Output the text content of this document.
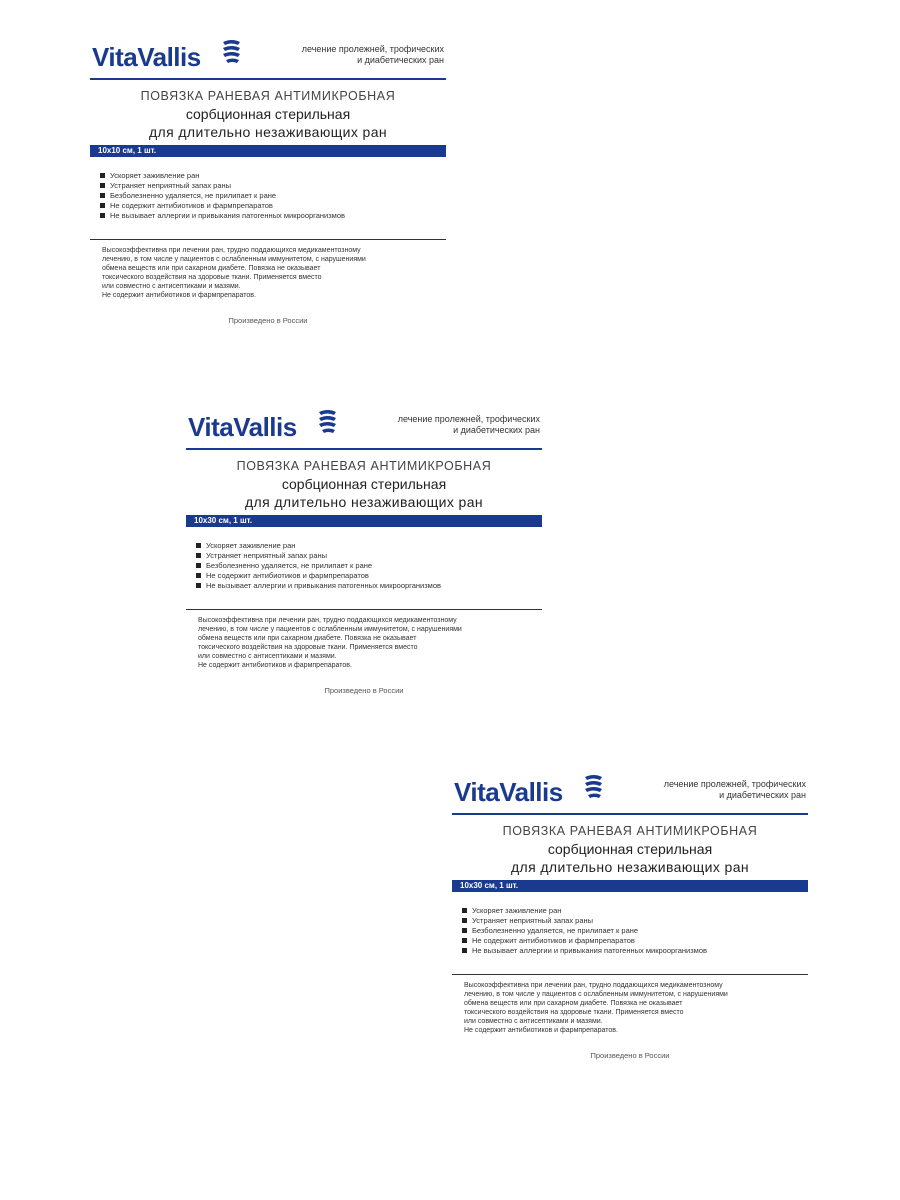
VitaVallis	лечение пролежней, трофических
и диабетических ран
ПОВЯЗКА РАНЕВАЯ АНТИМИКРОБНАЯ
сорбционная стерильная
для длительно незаживающих ран
10х10 см, 1 шт.
Ускоряет заживление ран
Устраняет неприятный запах раны
Безболезненно удаляется, не прилипает к ране
Не содержит антибиотиков и фармпрепаратов
Не вызывает аллергии и привыкания патогенных микроорганизмов

Высокоэффективна при лечении ран, трудно поддающихся медикаментозному

лечению, в том числе у пациентов с ослабленным иммунитетом, с нарушениями

обмена веществ или при сахарном диабете. Повязка не оказывает

токсического воздействия на здоровые ткани. Применяется вместо

или совместно с антисептиками и мазями.

Не содержит антибиотиков и фармпрепаратов.

Произведено в России
VitaVallis	лечение пролежней, трофических
и диабетических ран
ПОВЯЗКА РАНЕВАЯ АНТИМИКРОБНАЯ
сорбционная стерильная
для длительно незаживающих ран
10х30 см, 1 шт.
Ускоряет заживление ран
Устраняет неприятный запах раны
Безболезненно удаляется, не прилипает к ране
Не содержит антибиотиков и фармпрепаратов
Не вызывает аллергии и привыкания патогенных микроорганизмов

Высокоэффективна при лечении ран, трудно поддающихся медикаментозному

лечению, в том числе у пациентов с ослабленным иммунитетом, с нарушениями

обмена веществ или при сахарном диабете. Повязка не оказывает

токсического воздействия на здоровые ткани. Применяется вместо

или совместно с антисептиками и мазями.

Не содержит антибиотиков и фармпрепаратов.

Произведено в России
VitaVallis	лечение пролежней, трофических
и диабетических ран
ПОВЯЗКА РАНЕВАЯ АНТИМИКРОБНАЯ
сорбционная стерильная
для длительно незаживающих ран
10х30 см, 1 шт.
Ускоряет заживление ран
Устраняет неприятный запах раны
Безболезненно удаляется, не прилипает к ране
Не содержит антибиотиков и фармпрепаратов
Не вызывает аллергии и привыкания патогенных микроорганизмов

Высокоэффективна при лечении ран, трудно поддающихся медикаментозному

лечению, в том числе у пациентов с ослабленным иммунитетом, с нарушениями

обмена веществ или при сахарном диабете. Повязка не оказывает

токсического воздействия на здоровые ткани. Применяется вместо

или совместно с антисептиками и мазями.

Не содержит антибиотиков и фармпрепаратов.

Произведено в России
